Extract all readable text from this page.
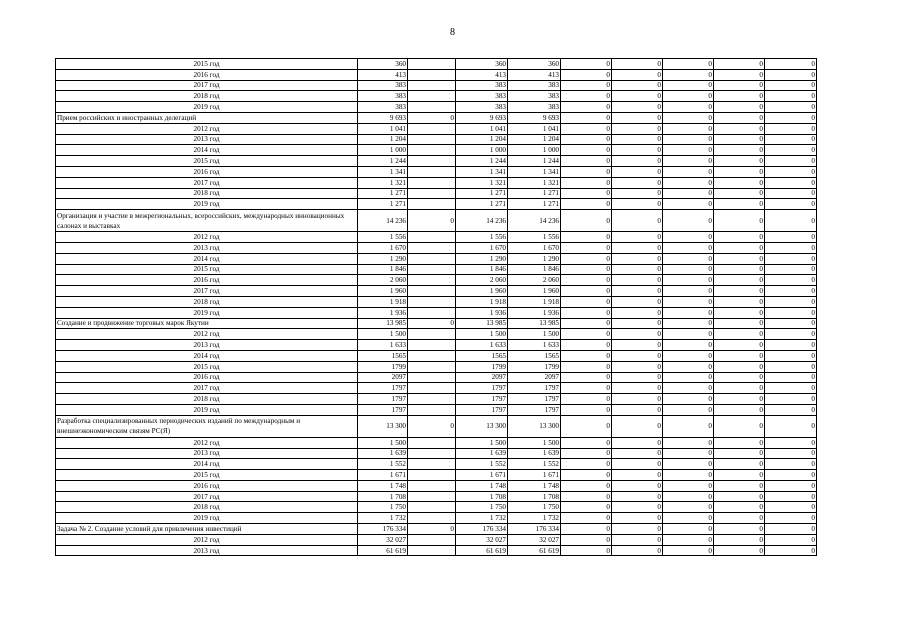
8
2015 год	360		360	360	0	0	0	0	0
2016 год	413		413	413	0	0	0	0	0
2017 год	383		383	383	0	0	0	0	0
2018 год	383		383	383	0	0	0	0	0
2019 год	383		383	383	0	0	0	0	0
Прием российских и иностранных делегаций	9 693	0	9 693	9 693	0	0	0	0	0
2012 год	1 041		1 041	1 041	0	0	0	0	0
2013 год	1 204		1 204	1 204	0	0	0	0	0
2014 год	1 000		1 000	1 000	0	0	0	0	0
2015 год	1 244		1 244	1 244	0	0	0	0	0
2016 год	1 341		1 341	1 341	0	0	0	0	0
2017 год	1 321		1 321	1 321	0	0	0	0	0
2018 год	1 271		1 271	1 271	0	0	0	0	0
2019 год	1 271		1 271	1 271	0	0	0	0	0
Организация и участие в межрегиональных, всероссийских, международных инновационных салонах и выставках	14 236	0	14 236	14 236	0	0	0	0	0
2012 год	1 556		1 556	1 556	0	0	0	0	0
2013 год	1 670		1 670	1 670	0	0	0	0	0
2014 год	1 290		1 290	1 290	0	0	0	0	0
2015 год	1 846		1 846	1 846	0	0	0	0	0
2016 год	2 060		2 060	2 060	0	0	0	0	0
2017 год	1 960		1 960	1 960	0	0	0	0	0
2018 год	1 918		1 918	1 918	0	0	0	0	0
2019 год	1 936		1 936	1 936	0	0	0	0	0
Создание и продвижение торговых марок Якутии	13 985	0	13 985	13 985	0	0	0	0	0
2012 год	1 500		1 500	1 500	0	0	0	0	0
2013 год	1 633		1 633	1 633	0	0	0	0	0
2014 год	1565		1565	1565	0	0	0	0	0
2015 год	1799		1799	1799	0	0	0	0	0
2016 год	2097		2097	2097	0	0	0	0	0
2017 год	1797		1797	1797	0	0	0	0	0
2018 год	1797		1797	1797	0	0	0	0	0
2019 год	1797		1797	1797	0	0	0	0	0
Разработка специализированных периодических изданий по международным и внешнеэкономическим связям РС(Я)	13 300	0	13 300	13 300	0	0	0	0	0
2012 год	1 500		1 500	1 500	0	0	0	0	0
2013 год	1 639		1 639	1 639	0	0	0	0	0
2014 год	1 552		1 552	1 552	0	0	0	0	0
2015 год	1 671		1 671	1 671	0	0	0	0	0
2016 год	1 748		1 748	1 748	0	0	0	0	0
2017 год	1 708		1 708	1 708	0	0	0	0	0
2018 год	1 750		1 750	1 750	0	0	0	0	0
2019 год	1 732		1 732	1 732	0	0	0	0	0
Задача № 2. Создание условий для привлечения инвестиций	176 334	0	176 334	176 334	0	0	0	0	0
2012 год	32 027		32 027	32 027	0	0	0	0	0
2013 год	61 619		61 619	61 619	0	0	0	0	0
